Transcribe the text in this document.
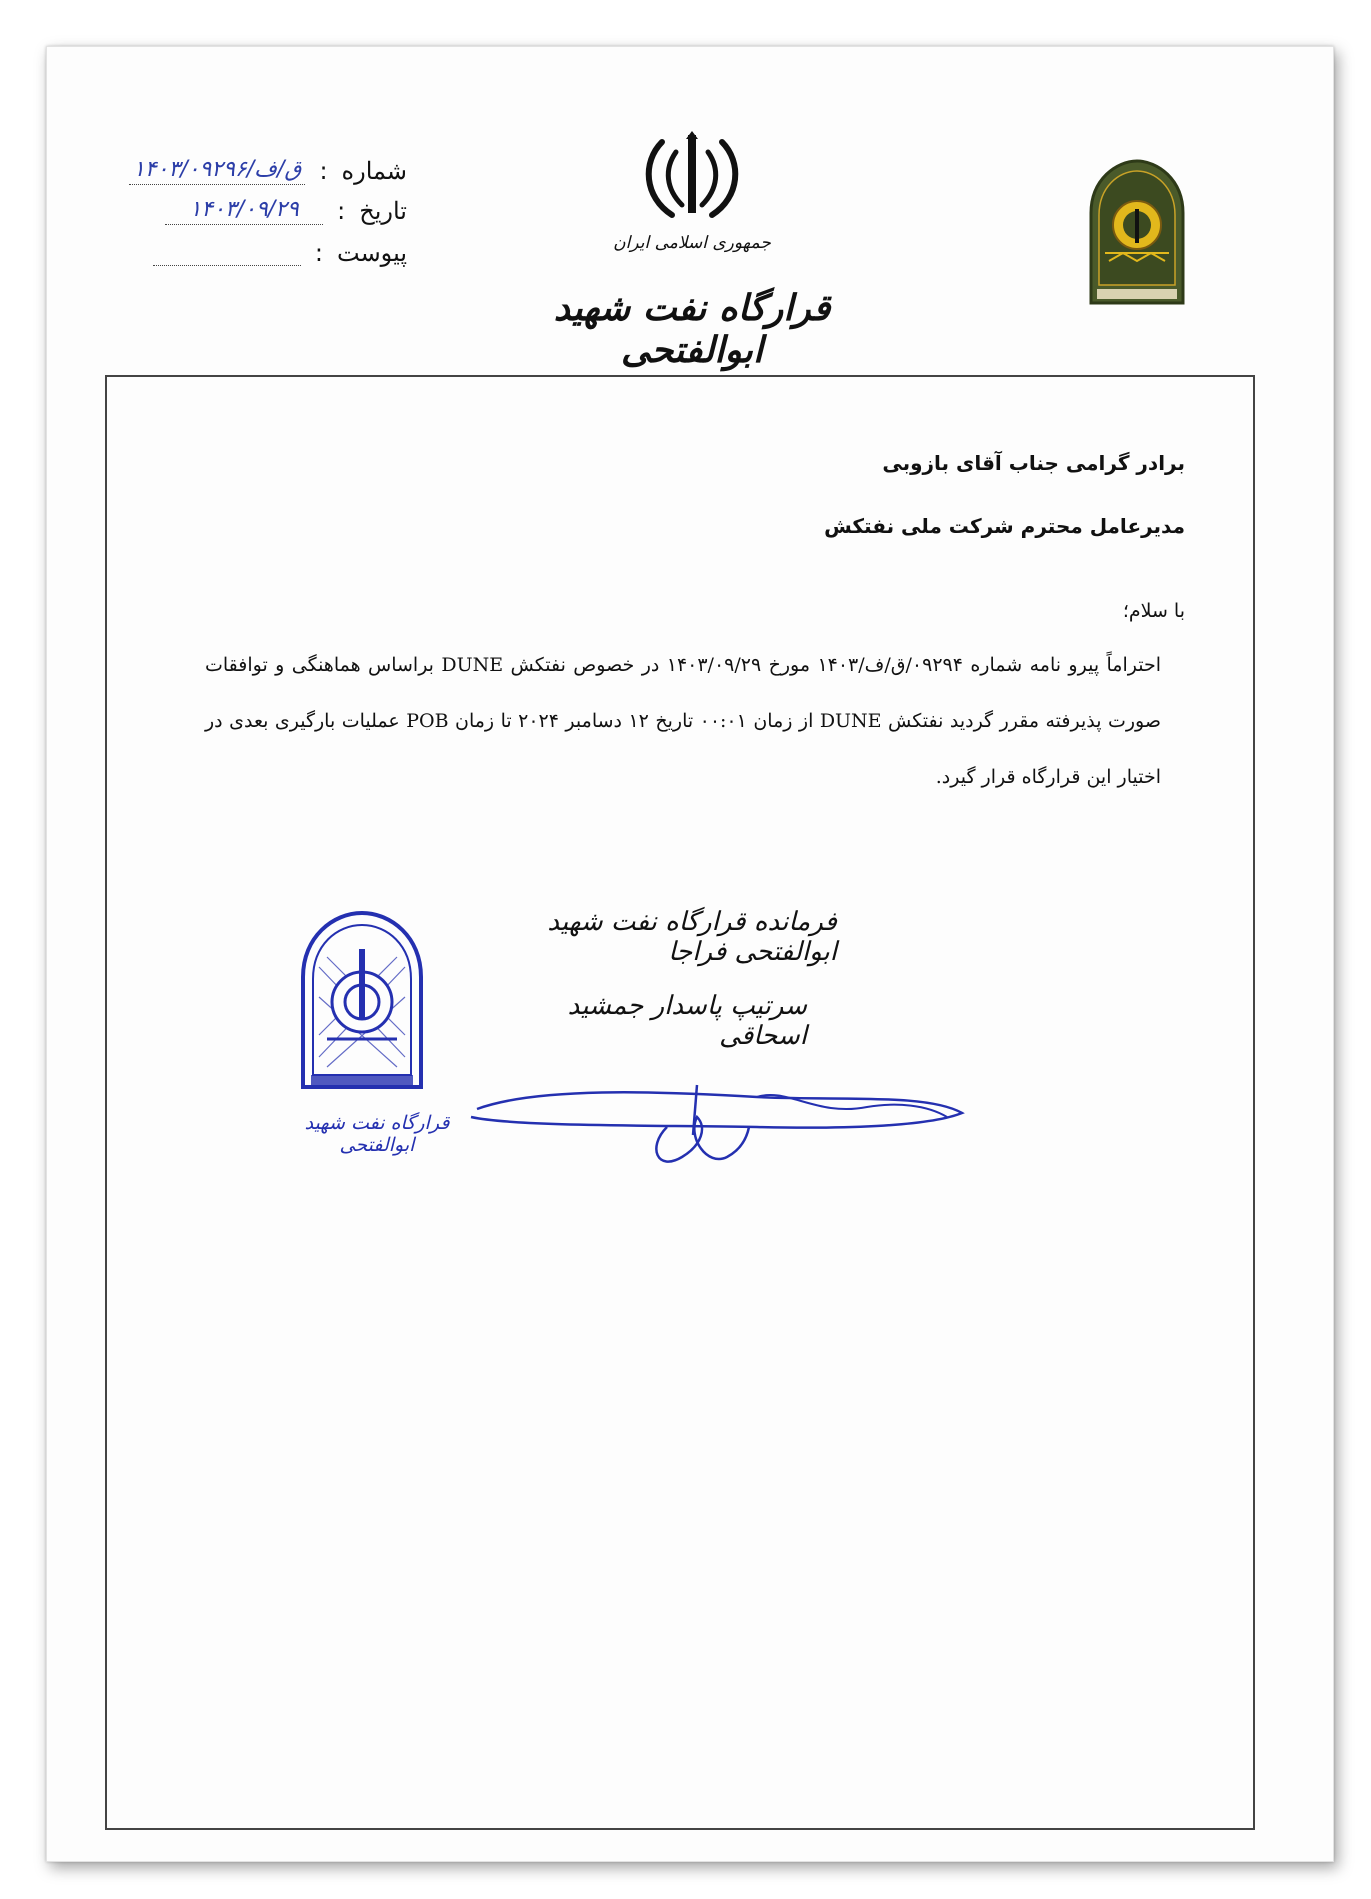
شماره
:
۱۴۰۳/ق/ف/۰۹۲۹۶
تاریخ
:
۱۴۰۳/۰۹/۲۹
پیوست
:	جمهوری اسلامی ایران
قرارگاه نفت شهید ابوالفتحی
برادر گرامی جناب آقای بازوبی
مدیرعامل محترم شرکت ملی نفتکش
با سلام؛
احتراماً پیرو نامه شماره ۰۹۲۹۴/ق/ف/۱۴۰۳ مورخ ۱۴۰۳/۰۹/۲۹ در خصوص نفتکش DUNE براساس هماهنگی و توافقات صورت پذیرفته مقرر گردید نفتکش DUNE از زمان ۰۰:۰۱ تاریخ ۱۲ دسامبر ۲۰۲۴ تا زمان POB عملیات بارگیری بعدی در اختیار این قرارگاه قرار گیرد.
فرمانده قرارگاه نفت شهید ابوالفتحی فراجا
سرتیپ پاسدار جمشید اسحاقی
قرارگاه نفت شهید ابوالفتحی
